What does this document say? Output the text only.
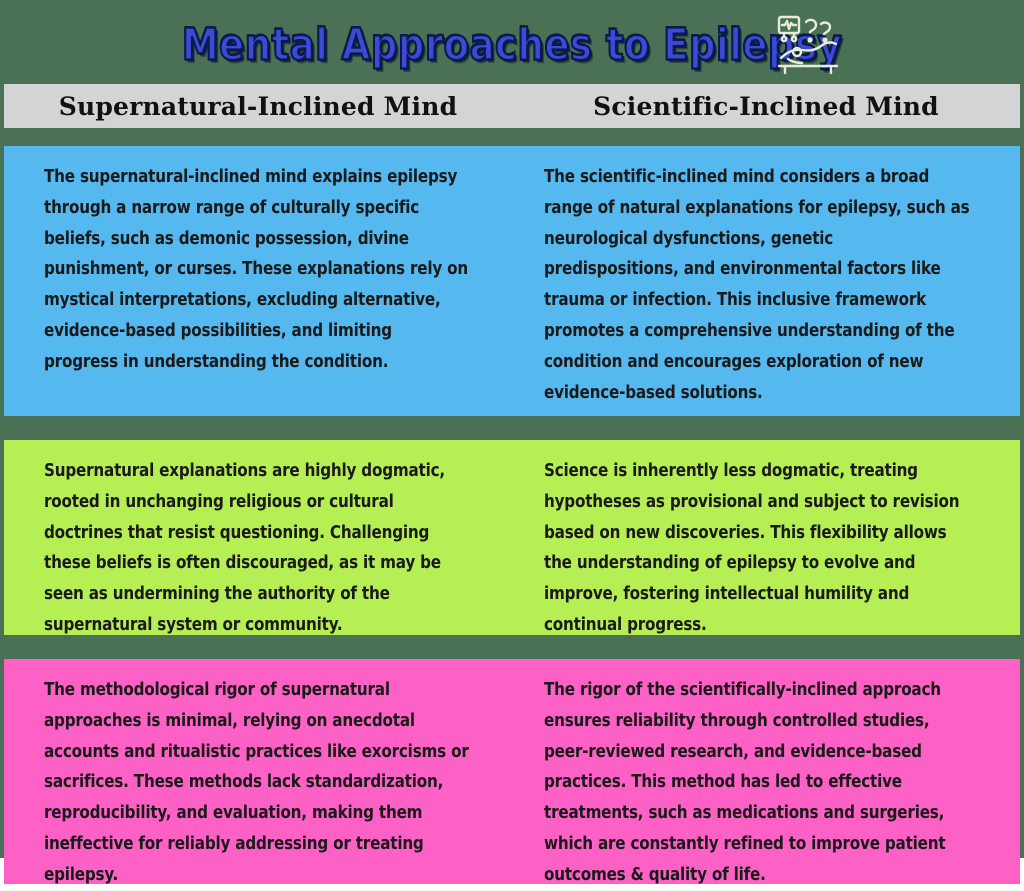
Mental Approaches to Epilepsy
Supernatural-Inclined Mind	Scientific-Inclined Mind

The supernatural-inclined mind explains epilepsy through a narrow range of culturally specific beliefs, such as demonic possession, divine punishment, or curses. These explanations rely on mystical interpretations, excluding alternative, evidence-based possibilities, and limiting progress in understanding the condition.

The scientific-inclined mind considers a broad range of natural explanations for epilepsy, such as neurological dysfunctions, genetic predispositions, and environmental factors like trauma or infection. This inclusive framework promotes a comprehensive understanding of the condition and encourages exploration of new evidence-based solutions.

Supernatural explanations are highly dogmatic, rooted in unchanging religious or cultural doctrines that resist questioning. Challenging these beliefs is often discouraged, as it may be seen as undermining the authority of the supernatural system or community.

Science is inherently less dogmatic, treating hypotheses as provisional and subject to revision based on new discoveries. This flexibility allows the understanding of epilepsy to evolve and improve, fostering intellectual humility and continual progress.

The methodological rigor of supernatural approaches is minimal, relying on anecdotal accounts and ritualistic practices like exorcisms or sacrifices. These methods lack standardization, reproducibility, and evaluation, making them ineffective for reliably addressing or treating epilepsy.

The rigor of the scientifically-inclined approach ensures reliability through controlled studies, peer-reviewed research, and evidence-based practices. This method has led to effective treatments, such as medications and surgeries, which are constantly refined to improve patient outcomes & quality of life.
